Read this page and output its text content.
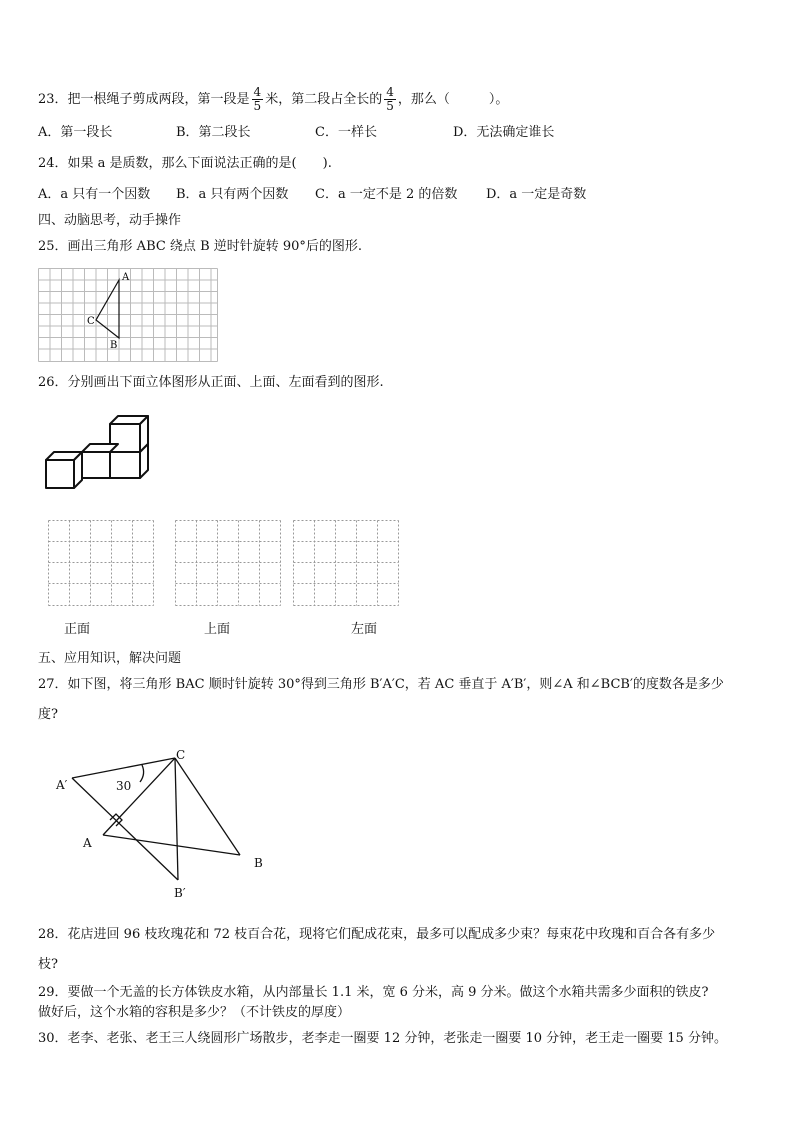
23．把一根绳子剪成两段，第一段是 $\frac{4}{5}$ 米，第二段占全长的 $\frac{4}{5}$ ，那么（　　　）。
A．第一段长	B．第二段长	C．一样长	D．无法确定谁长
24．如果 a 是质数，那么下面说法正确的是(　　).
A．a 只有一个因数 B．a 只有两个因数 C．a 一定不是 2 的倍数 D．a 一定是奇数
四、动脑思考，动手操作
25．画出三角形 ABC 绕点 B 逆时针旋转 90°后的图形.
A
C
B
26．分别画出下面立体图形从正面、上面、左面看到的图形.
正面	上面	左面
五、应用知识，解决问题
27．如下图，将三角形 BAC 顺时针旋转 30°得到三角形 B′A′C，若 AC 垂直于 A′B′，则∠A 和∠BCB′的度数各是多少
度?
A′	30
C
A
B
B′
28．花店进回 96 枝玫瑰花和 72 枝百合花，现将它们配成花束，最多可以配成多少束？每束花中玫瑰和百合各有多少
枝?
29．要做一个无盖的长方体铁皮水箱，从内部量长 1.1 米，宽 6 分米，高 9 分米。做这个水箱共需多少面积的铁皮?
做好后，这个水箱的容积是多少？（不计铁皮的厚度）
30．老李、老张、老王三人绕圆形广场散步，老李走一圈要 12 分钟，老张走一圈要 10 分钟，老王走一圈要 15 分钟。
